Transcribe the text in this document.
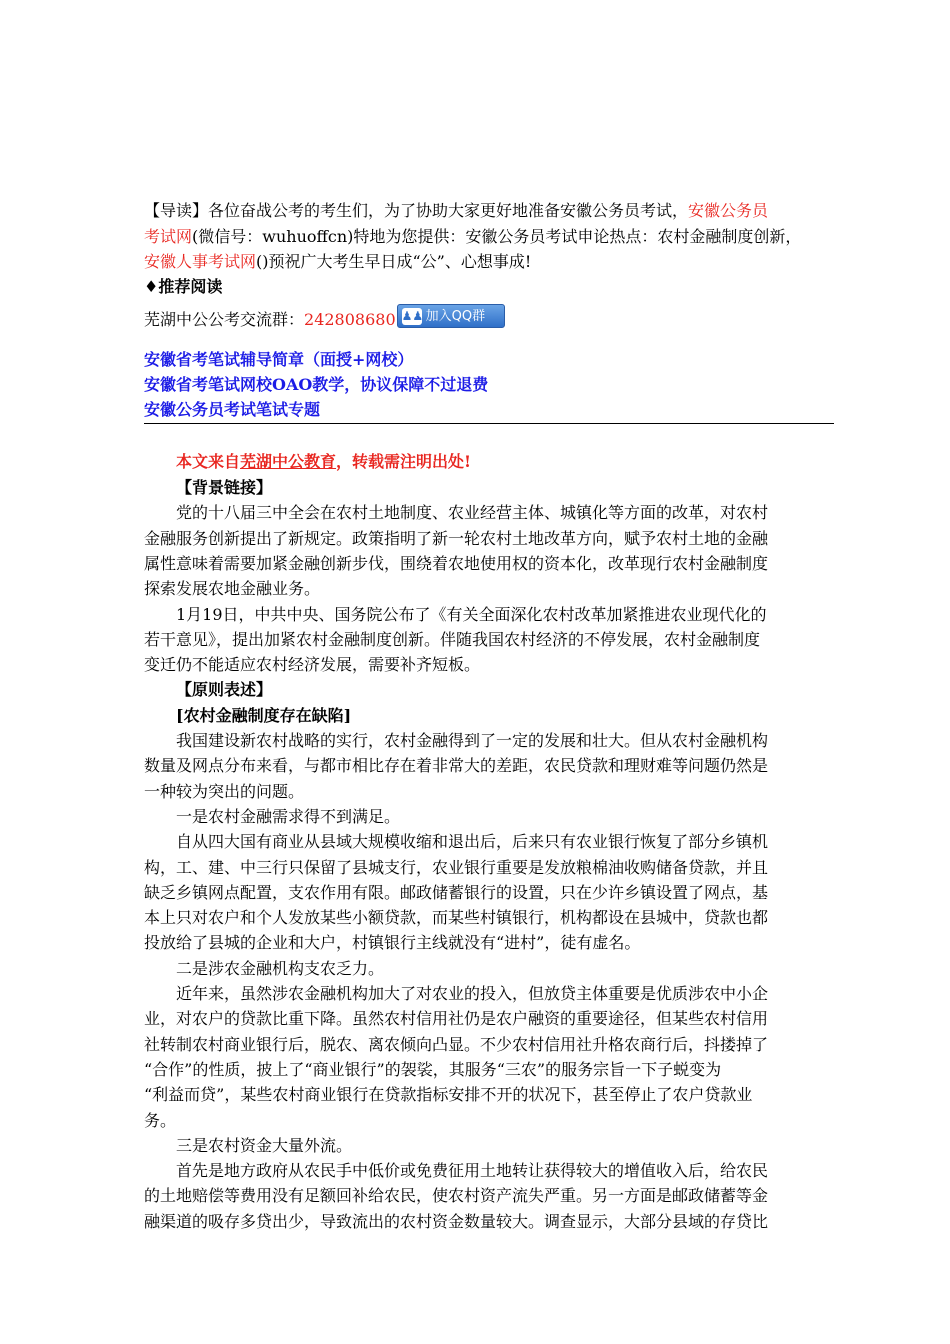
【导读】各位奋战公考的考生们，为了协助大家更好地准备安徽公务员考试，安徽公务员
考试网(微信号：wuhuoffcn)特地为您提供：安徽公务员考试申论热点：农村金融制度创新，
安徽人事考试网()预祝广大考生早日成“公”、心想事成!
♦推荐阅读
芜湖中公公考交流群：242808680 ♟♟ 加入QQ群
安徽省考笔试辅导简章（面授+网校）
安徽省考笔试网校OAO教学，协议保障不过退费
安徽公务员考试笔试专题
本文来自芜湖中公教育，转载需注明出处!
【背景链接】
党的十八届三中全会在农村土地制度、农业经营主体、城镇化等方面的改革，对农村
金融服务创新提出了新规定。政策指明了新一轮农村土地改革方向，赋予农村土地的金融
属性意味着需要加紧金融创新步伐，围绕着农地使用权的资本化，改革现行农村金融制度
探索发展农地金融业务。
1月19日，中共中央、国务院公布了《有关全面深化农村改革加紧推进农业现代化的
若干意见》，提出加紧农村金融制度创新。伴随我国农村经济的不停发展，农村金融制度
变迁仍不能适应农村经济发展，需要补齐短板。
【原则表述】
[农村金融制度存在缺陷]
我国建设新农村战略的实行，农村金融得到了一定的发展和壮大。但从农村金融机构
数量及网点分布来看，与都市相比存在着非常大的差距，农民贷款和理财难等问题仍然是
一种较为突出的问题。
一是农村金融需求得不到满足。
自从四大国有商业从县域大规模收缩和退出后，后来只有农业银行恢复了部分乡镇机
构，工、建、中三行只保留了县城支行，农业银行重要是发放粮棉油收购储备贷款，并且
缺乏乡镇网点配置，支农作用有限。邮政储蓄银行的设置，只在少许乡镇设置了网点，基
本上只对农户和个人发放某些小额贷款，而某些村镇银行，机构都设在县城中，贷款也都
投放给了县城的企业和大户，村镇银行主线就没有“进村”，徒有虚名。
二是涉农金融机构支农乏力。
近年来，虽然涉农金融机构加大了对农业的投入，但放贷主体重要是优质涉农中小企
业，对农户的贷款比重下降。虽然农村信用社仍是农户融资的重要途径，但某些农村信用
社转制农村商业银行后，脱农、离农倾向凸显。不少农村信用社升格农商行后，抖搂掉了
“合作”的性质，披上了“商业银行”的袈裟，其服务“三农”的服务宗旨一下子蜕变为
“利益而贷”，某些农村商业银行在贷款指标安排不开的状况下，甚至停止了农户贷款业
务。
三是农村资金大量外流。
首先是地方政府从农民手中低价或免费征用土地转让获得较大的增值收入后，给农民
的土地赔偿等费用没有足额回补给农民，使农村资产流失严重。另一方面是邮政储蓄等金
融渠道的吸存多贷出少，导致流出的农村资金数量较大。调查显示，大部分县域的存贷比
